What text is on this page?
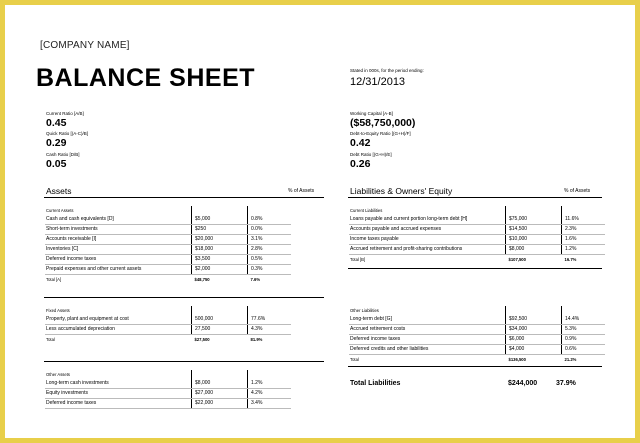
[COMPANY NAME]
BALANCE SHEET	Stated in 000s, for the period ending:
12/31/2013
Current Ratio [A/B]
0.45
Quick Ratio [(A-C)/B]
0.29
Cash Ratio [D/B]
0.05
Working Capital [A-B]
($58,750,000)
Debt-to-Equity Ratio [(G+H)/F]
0.42
Debt Ratio [(G+H)/E]
0.26
Assets	% of Assets	Liabilities & Owners' Equity	% of Assets
Current Assets		
Cash and cash equivalents [D]	$5,000	0.8%
Short-term investments	$250	0.0%
Accounts receivable [I]	$20,000	3.1%
Inventories [C]	$18,000	2.8%
Deferred income taxes	$3,500	0.5%
Prepaid expenses and other current assets	$2,000	0.3%
Total [A]	$48,750	7.6%
Fixed Assets		
Property, plant and equipment at cost	500,000	77.6%
Less accumulated depreciation	27,500	4.3%
Total	$27,500	81.9%
Other Assets		
Long-term cash investments	$8,000	1.2%
Equity investments	$27,000	4.2%
Deferred income taxes	$22,000	3.4%
Current Liabilities		
Loans payable and current portion long-term debt [H]	$75,000	11.6%
Accounts payable and accrued expenses	$14,500	2.3%
Income taxes payable	$10,000	1.6%
Accrued retirement and profit-sharing contributions	$8,000	1.2%
Total [B]	$107,500	16.7%
Other Liabilities		
Long-term debt [G]	$92,500	14.4%
Accrued retirement costs	$34,000	5.3%
Deferred income taxes	$6,000	0.9%
Deferred credits and other liabilities	$4,000	0.6%
Total	$136,500	21.2%
Total Liabilities	$244,000	37.9%
